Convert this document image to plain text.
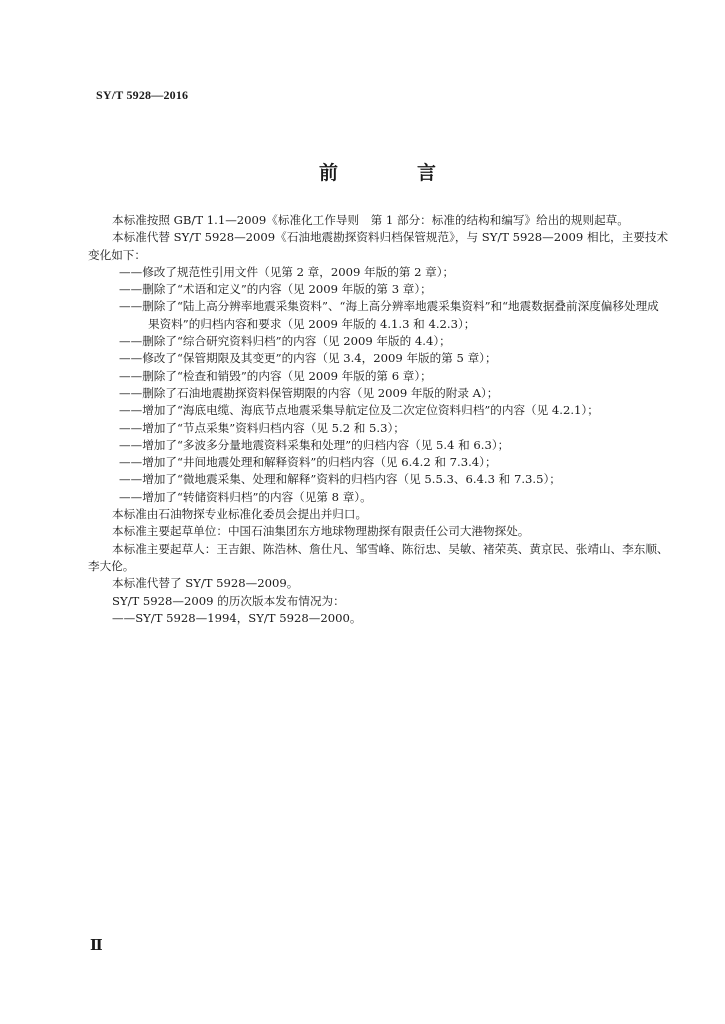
SY/T 5928—2016
前　言

本标准按照 GB/T 1.1—2009《标准化工作导则　第 1 部分：标准的结构和编写》给出的规则起草。

本标准代替 SY/T 5928—2009《石油地震勘探资料归档保管规范》，与 SY/T 5928—2009 相比，主要技术变化如下：

——修改了规范性引用文件（见第 2 章，2009 年版的第 2 章）；

——删除了“术语和定义”的内容（见 2009 年版的第 3 章）；

——删除了“陆上高分辨率地震采集资料”、“海上高分辨率地震采集资料”和“地震数据叠前深度偏移处理成果资料”的归档内容和要求（见 2009 年版的 4.1.3 和 4.2.3）；

——删除了“综合研究资料归档”的内容（见 2009 年版的 4.4）；

——修改了“保管期限及其变更”的内容（见 3.4，2009 年版的第 5 章）；

——删除了“检查和销毁”的内容（见 2009 年版的第 6 章）；

——删除了石油地震勘探资料保管期限的内容（见 2009 年版的附录 A）；

——增加了“海底电缆、海底节点地震采集导航定位及二次定位资料归档”的内容（见 4.2.1）；

——增加了“节点采集”资料归档内容（见 5.2 和 5.3）；

——增加了“多波多分量地震资料采集和处理”的归档内容（见 5.4 和 6.3）；

——增加了“井间地震处理和解释资料”的归档内容（见 6.4.2 和 7.3.4）；

——增加了“微地震采集、处理和解释”资料的归档内容（见 5.5.3、6.4.3 和 7.3.5）；

——增加了“转储资料归档”的内容（见第 8 章）。

本标准由石油物探专业标准化委员会提出并归口。

本标准主要起草单位：中国石油集团东方地球物理勘探有限责任公司大港物探处。

本标准主要起草人：王吉銀、陈浩林、詹仕凡、邹雪峰、陈衍忠、吴敏、褚荣英、黄京民、张靖山、李东顺、李大伦。

本标准代替了 SY/T 5928—2009。

SY/T 5928—2009 的历次版本发布情况为：

——SY/T 5928—1994，SY/T 5928—2000。

Ⅱ
